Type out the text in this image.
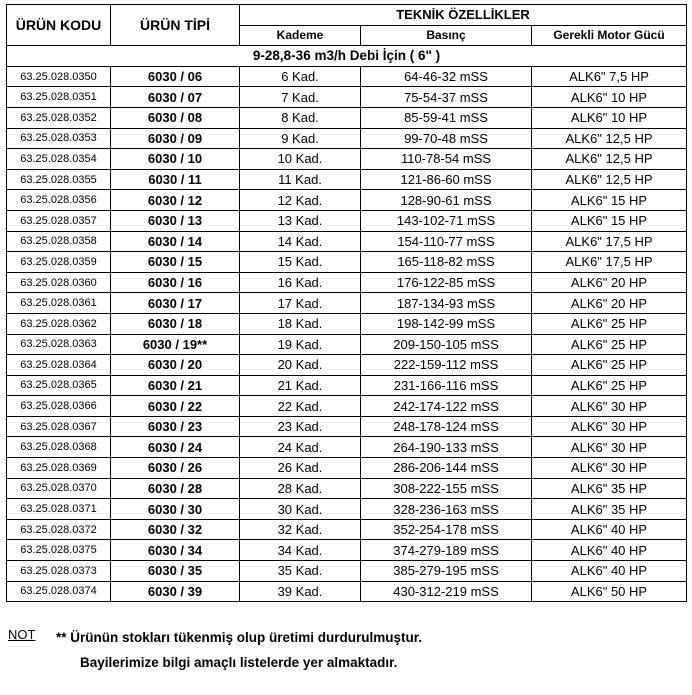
ÜRÜN KODU	ÜRÜN TİPİ	TEKNİK ÖZELLİKLER		
		Kademe	Basınç	Gerekli Motor Gücü
9-28,8-36 m3/h Debi İçin ( 6" )				
63.25.028.0350	6030 / 06	6 Kad.	64-46-32 mSS	ALK6" 7,5 HP
63.25.028.0351	6030 / 07	7 Kad.	75-54-37 mSS	ALK6" 10 HP
63.25.028.0352	6030 / 08	8 Kad.	85-59-41 mSS	ALK6" 10 HP
63.25.028.0353	6030 / 09	9 Kad.	99-70-48 mSS	ALK6" 12,5 HP
63.25.028.0354	6030 / 10	10 Kad.	110-78-54 mSS	ALK6" 12,5 HP
63.25.028.0355	6030 / 11	11 Kad.	121-86-60 mSS	ALK6" 12,5 HP
63.25.028.0356	6030 / 12	12 Kad.	128-90-61 mSS	ALK6" 15 HP
63.25.028.0357	6030 / 13	13 Kad.	143-102-71 mSS	ALK6" 15 HP
63.25.028.0358	6030 / 14	14 Kad.	154-110-77 mSS	ALK6" 17,5 HP
63.25.028.0359	6030 / 15	15 Kad.	165-118-82 mSS	ALK6" 17,5 HP
63.25.028.0360	6030 / 16	16 Kad.	176-122-85 mSS	ALK6" 20 HP
63.25.028.0361	6030 / 17	17 Kad.	187-134-93 mSS	ALK6" 20 HP
63.25.028.0362	6030 / 18	18 Kad.	198-142-99 mSS	ALK6" 25 HP
63.25.028.0363	6030 / 19**	19 Kad.	209-150-105 mSS	ALK6" 25 HP
63.25.028.0364	6030 / 20	20 Kad.	222-159-112 mSS	ALK6" 25 HP
63.25.028.0365	6030 / 21	21 Kad.	231-166-116 mSS	ALK6" 25 HP
63.25.028.0366	6030 / 22	22 Kad.	242-174-122 mSS	ALK6" 30 HP
63.25.028.0367	6030 / 23	23 Kad.	248-178-124 mSS	ALK6" 30 HP
63.25.028.0368	6030 / 24	24 Kad.	264-190-133 mSS	ALK6" 30 HP
63.25.028.0369	6030 / 26	26 Kad.	286-206-144 mSS	ALK6" 30 HP
63.25.028.0370	6030 / 28	28 Kad.	308-222-155 mSS	ALK6" 35 HP
63.25.028.0371	6030 / 30	30 Kad.	328-236-163 mSS	ALK6" 35 HP
63.25.028.0372	6030 / 32	32 Kad.	352-254-178 mSS	ALK6" 40 HP
63.25.028.0375	6030 / 34	34 Kad.	374-279-189 mSS	ALK6" 40 HP
63.25.028.0373	6030 / 35	35 Kad.	385-279-195 mSS	ALK6" 40 HP
63.25.028.0374	6030 / 39	39 Kad.	430-312-219 mSS	ALK6" 50 HP
NOT ** Ürünün stokları tükenmiş olup üretimi durdurulmuştur.
Bayilerimize bilgi amaçlı listelerde yer almaktadır.
